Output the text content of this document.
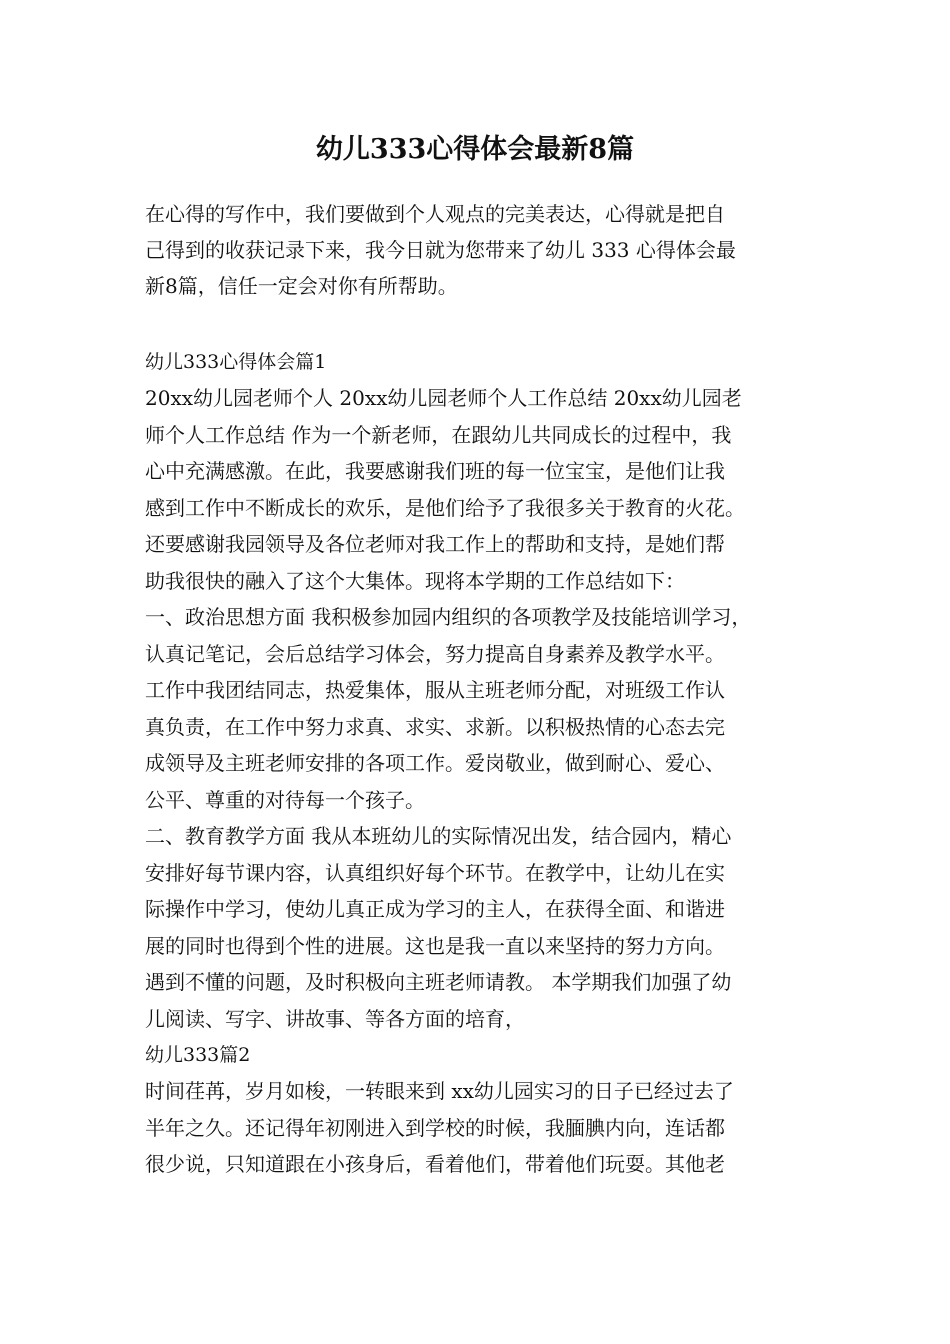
幼儿333心得体会最新8篇
在心得的写作中，我们要做到个人观点的完美表达，心得就是把自
己得到的收获记录下来，我今日就为您带来了幼儿 333 心得体会最
新8篇，信任一定会对你有所帮助。
幼儿333心得体会篇1
20xx幼儿园老师个人 20xx幼儿园老师个人工作总结 20xx幼儿园老
师个人工作总结 作为一个新老师，在跟幼儿共同成长的过程中，我
心中充满感激。在此，我要感谢我们班的每一位宝宝，是他们让我
感到工作中不断成长的欢乐，是他们给予了我很多关于教育的火花。
还要感谢我园领导及各位老师对我工作上的帮助和支持，是她们帮
助我很快的融入了这个大集体。现将本学期的工作总结如下：
一、政治思想方面 我积极参加园内组织的各项教学及技能培训学习，
认真记笔记，会后总结学习体会，努力提高自身素养及教学水平。
工作中我团结同志，热爱集体，服从主班老师分配，对班级工作认
真负责，在工作中努力求真、求实、求新。以积极热情的心态去完
成领导及主班老师安排的各项工作。爱岗敬业，做到耐心、爱心、
公平、尊重的对待每一个孩子。
二、教育教学方面 我从本班幼儿的实际情况出发，结合园内，精心
安排好每节课内容，认真组织好每个环节。在教学中，让幼儿在实
际操作中学习，使幼儿真正成为学习的主人，在获得全面、和谐进
展的同时也得到个性的进展。这也是我一直以来坚持的努力方向。
遇到不懂的问题，及时积极向主班老师请教。 本学期我们加强了幼
儿阅读、写字、讲故事、等各方面的培育，
幼儿333篇2
时间荏苒，岁月如梭，一转眼来到 xx幼儿园实习的日子已经过去了
半年之久。还记得年初刚进入到学校的时候，我腼腆内向，连话都
很少说，只知道跟在小孩身后，看着他们，带着他们玩耍。其他老
